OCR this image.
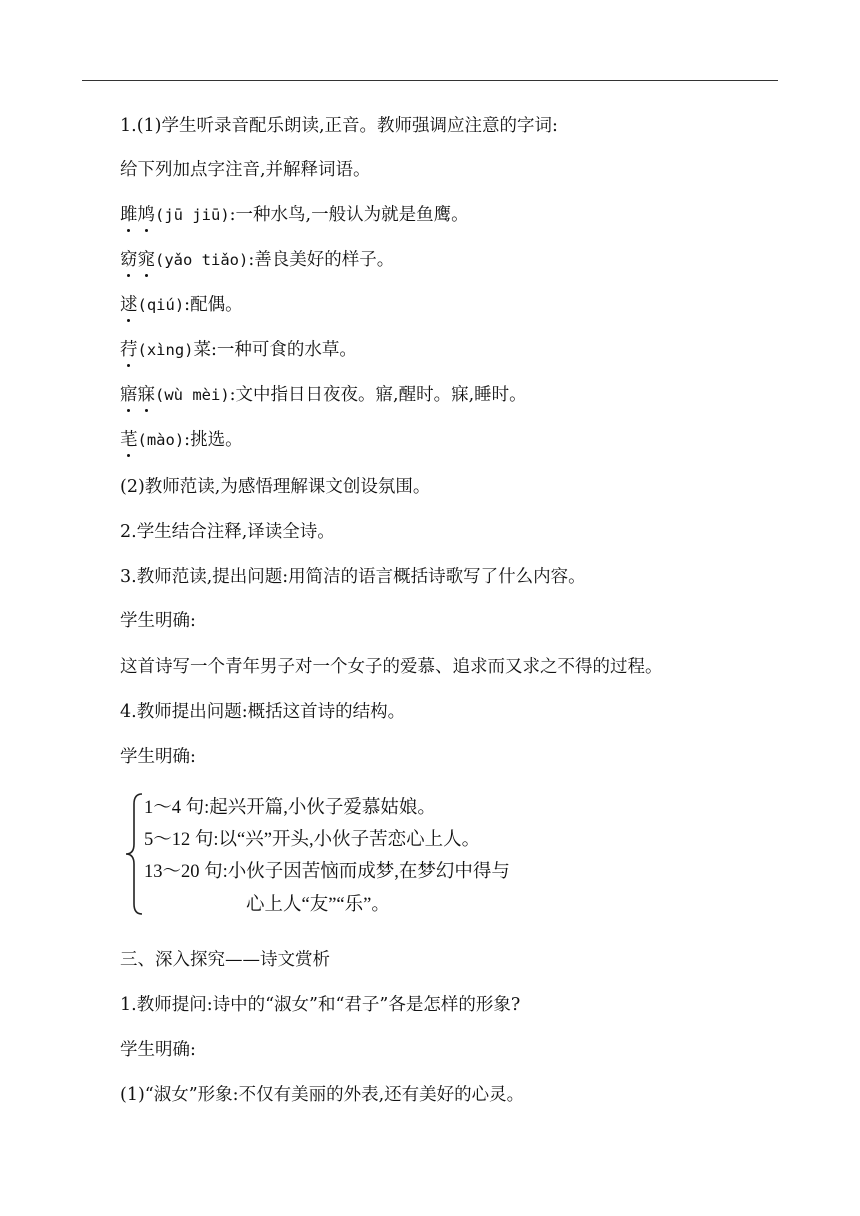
1.(1)学生听录音配乐朗读,正音。教师强调应注意的字词:
给下列加点字注音,并解释词语。
雎
鸠
(jū jiū):一种水鸟,一般认为就是鱼鹰。
窈
窕
(yǎo tiǎo):善良美好的样子。
逑
(qiú):配偶。
荇
(xìng)菜:一种可食的水草。
寤
寐
(wù mèi):文中指日日夜夜。寤,醒时。寐,睡时。
芼
(mào):挑选。
(2)教师范读,为感悟理解课文创设氛围。
2.学生结合注释,译读全诗。
3.教师范读,提出问题:用简洁的语言概括诗歌写了什么内容。
学生明确:
这首诗写一个青年男子对一个女子的爱慕、追求而又求之不得的过程。
4.教师提出问题:概括这首诗的结构。
学生明确:
1～4 句:起兴开篇,小伙子爱慕姑娘。
5～12 句:以“兴”开头,小伙子苦恋心上人。
13～20 句:小伙子因苦恼而成梦,在梦幻中得与
心上人“友”“乐”。
三、深入探究——诗文赏析
1.教师提问:诗中的“淑女”和“君子”各是怎样的形象?
学生明确:
(1)“淑女”形象:不仅有美丽的外表,还有美好的心灵。
